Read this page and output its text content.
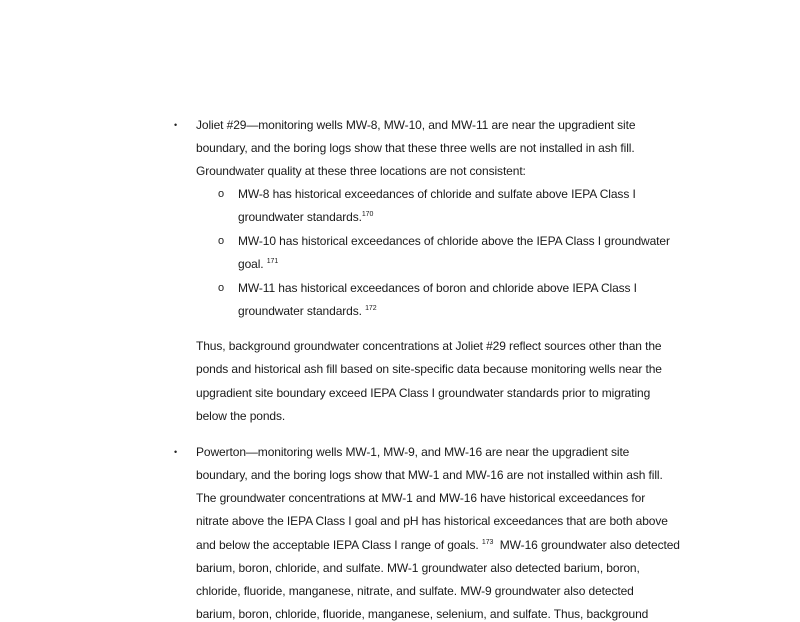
• Joliet #29—monitoring wells MW-8, MW-10, and MW-11 are near the upgradient site
boundary, and the boring logs show that these three wells are not installed in ash fill.
Groundwater quality at these three locations are not consistent:
o MW-8 has historical exceedances of chloride and sulfate above IEPA Class I
groundwater standards.$^{170}$
o MW-10 has historical exceedances of chloride above the IEPA Class I groundwater
goal. $^{171}$
o MW-11 has historical exceedances of boron and chloride above IEPA Class I
groundwater standards. $^{172}$
Thus, background groundwater concentrations at Joliet #29 reflect sources other than the
ponds and historical ash fill based on site-specific data because monitoring wells near the
upgradient site boundary exceed IEPA Class I groundwater standards prior to migrating
below the ponds.
• Powerton—monitoring wells MW-1, MW-9, and MW-16 are near the upgradient site
boundary, and the boring logs show that MW-1 and MW-16 are not installed within ash fill.
The groundwater concentrations at MW-1 and MW-16 have historical exceedances for
nitrate above the IEPA Class I goal and pH has historical exceedances that are both above
and below the acceptable IEPA Class I range of goals. $^{173}$ MW-16 groundwater also detected
barium, boron, chloride, and sulfate. MW-1 groundwater also detected barium, boron,
chloride, fluoride, manganese, nitrate, and sulfate. MW-9 groundwater also detected
barium, boron, chloride, fluoride, manganese, selenium, and sulfate. Thus, background
